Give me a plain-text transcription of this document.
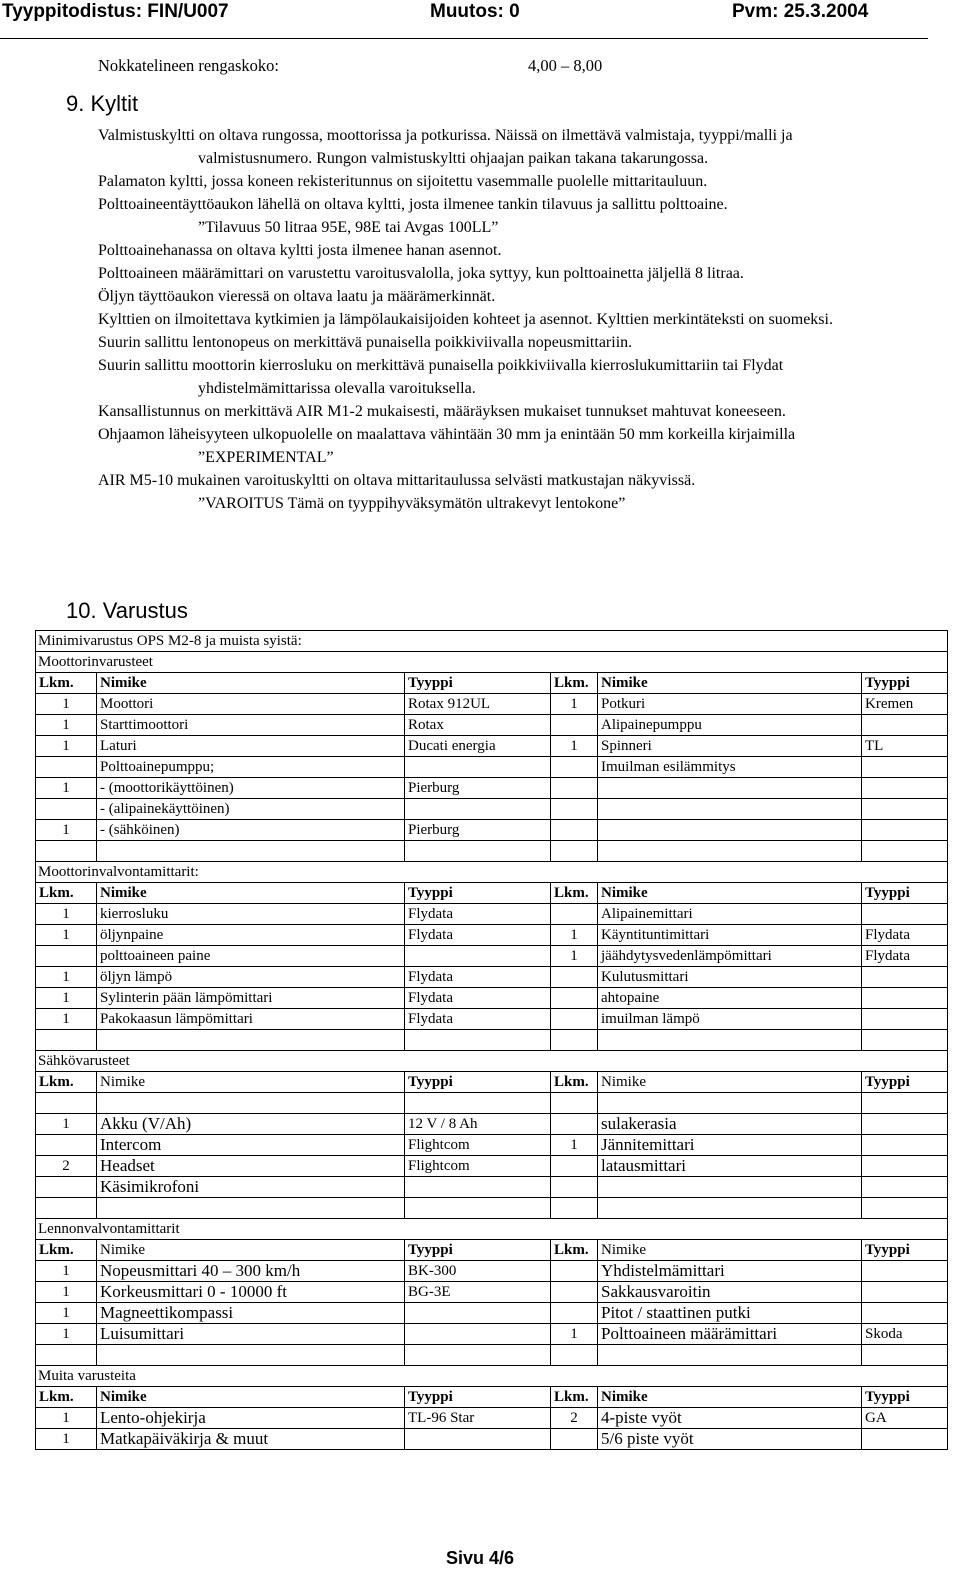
Tyyppitodistus: FIN/U007	Muutos: 0	Pvm: 25.3.2004
Nokkatelineen rengaskoko:	4,00 – 8,00
9. Kyltit

Valmistuskyltti on oltava rungossa, moottorissa ja potkurissa. Näissä on ilmettävä valmistaja, tyyppi/malli ja valmistusnumero. Rungon valmistuskyltti ohjaajan paikan takana takarungossa.

Palamaton kyltti, jossa koneen rekisteritunnus on sijoitettu vasemmalle puolelle mittaritauluun.

Polttoaineentäyttöaukon lähellä on oltava kyltti, josta ilmenee tankin tilavuus ja sallittu polttoaine.

”Tilavuus 50 litraa 95E, 98E tai Avgas 100LL”

Polttoainehanassa on oltava kyltti josta ilmenee hanan asennot.

Polttoaineen määrämittari on varustettu varoitusvalolla, joka syttyy, kun polttoainetta jäljellä 8 litraa.

Öljyn täyttöaukon vieressä on oltava laatu ja määrämerkinnät.

Kylttien on ilmoitettava kytkimien ja lämpölaukaisijoiden kohteet ja asennot. Kylttien merkintäteksti on suomeksi.

Suurin sallittu lentonopeus on merkittävä punaisella poikkiviivalla nopeusmittariin.

Suurin sallittu moottorin kierrosluku on merkittävä punaisella poikkiviivalla kierroslukumittariin tai Flydat yhdistelmämittarissa olevalla varoituksella.

Kansallistunnus on merkittävä AIR M1-2 mukaisesti, määräyksen mukaiset tunnukset mahtuvat koneeseen.

Ohjaamon läheisyyteen ulkopuolelle on maalattava vähintään 30 mm ja enintään 50 mm korkeilla kirjaimilla ”EXPERIMENTAL”

AIR M5-10 mukainen varoituskyltti on oltava mittaritaulussa selvästi matkustajan näkyvissä.

”VAROITUS Tämä on tyyppihyväksymätön ultrakevyt lentokone”

10. Varustus
Minimivarustus OPS M2-8 ja muista syistä:					
Moottorinvarusteet					
Lkm.	Nimike	Tyyppi	Lkm.	Nimike	Tyyppi
1	Moottori	Rotax 912UL	1	Potkuri	Kremen
1	Starttimoottori	Rotax		Alipainepumppu	
1	Laturi	Ducati energia	1	Spinneri	TL
	Polttoainepumppu;			Imuilman esilämmitys	
1	- (moottorikäyttöinen)	Pierburg			
	- (alipainekäyttöinen)				
1	- (sähköinen)	Pierburg			

Moottorinvalvontamittarit:					
Lkm.	Nimike	Tyyppi	Lkm.	Nimike	Tyyppi
1	kierrosluku	Flydata		Alipainemittari	
1	öljynpaine	Flydata	1	Käyntituntimittari	Flydata
	polttoaineen paine		1	jäähdytysvedenlämpömittari	Flydata
1	öljyn lämpö	Flydata		Kulutusmittari	
1	Sylinterin pään lämpömittari	Flydata		ahtopaine	
1	Pakokaasun lämpömittari	Flydata		imuilman lämpö	

Sähkövarusteet					
Lkm.	Nimike	Tyyppi	Lkm.	Nimike	Tyyppi

1	Akku (V/Ah)	12 V / 8 Ah		sulakerasia	
	Intercom	Flightcom	1	Jännitemittari	
2	Headset	Flightcom		latausmittari	
	Käsimikrofoni				

Lennonvalvontamittarit					
Lkm.	Nimike	Tyyppi	Lkm.	Nimike	Tyyppi
1	Nopeusmittari 40 – 300 km/h	BK-300		Yhdistelmämittari	
1	Korkeusmittari 0 - 10000 ft	BG-3E		Sakkausvaroitin	
1	Magneettikompassi			Pitot / staattinen putki	
1	Luisumittari		1	Polttoaineen määrämittari	Skoda

Muita varusteita					
Lkm.	Nimike	Tyyppi	Lkm.	Nimike	Tyyppi
1	Lento-ohjekirja	TL-96 Star	2	4-piste vyöt	GA
1	Matkapäiväkirja & muut			5/6 piste vyöt	
Sivu 4/6
